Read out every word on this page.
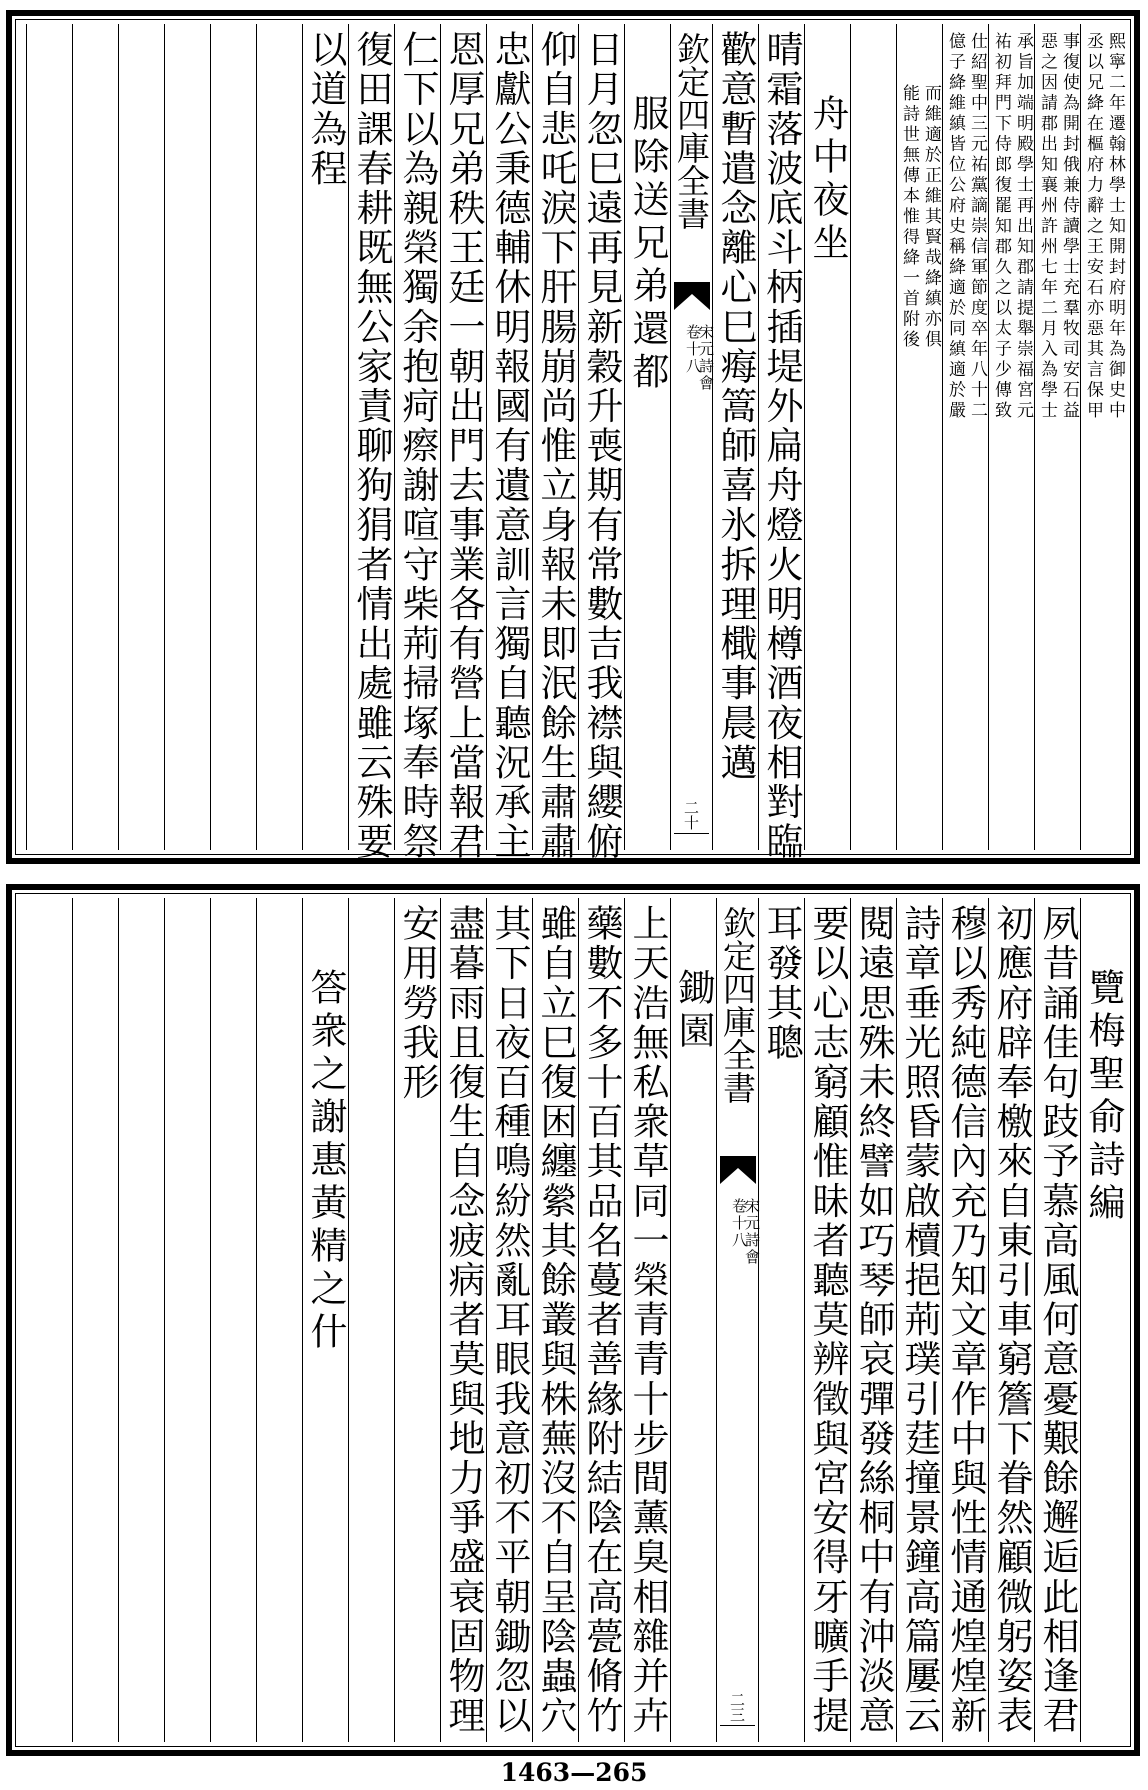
熙寧二年遷翰林學士知開封府明年為御史中
丞以兄絳在樞府力辭之王安石亦惡其言保甲
事復使為開封俄兼侍讀學士充羣牧司安石益
惡之因請郡出知襄州許州七年二月入為學士
承旨加端明殿學士再出知郡請提舉崇福宮元
祐初拜門下侍郎復罷知郡久之以太子少傳致
仕紹聖中三元祐黨謫崇信軍節度卒年八十二
億子絳維縝皆位公府史稱絳適於同縝適於嚴
而維適於正維其賢哉絳縝亦俱
能詩世無傳本惟得絳一首附後
舟中夜坐
晴霜落波底斗柄插堤外扁舟燈火明樽酒夜相對臨
歡意暫遣念離心巳痗篙師喜氷拆理檝事晨邁
欽定四庫全書
卷十八
宋元詩會
二十
服除送兄弟還都
日月忽巳遠再見新穀升喪期有常數吉我襟與纓俯
仰自悲吒淚下肝腸崩尚惟立身報未即泯餘生肅肅
忠獻公秉德輔休明報國有遺意訓言獨自聽況承主
恩厚兄弟秩王廷一朝出門去事業各有營上當報君
仁下以為親榮獨余抱疴瘵謝喧守柴荊掃塚奉時祭
復田課春耕既無公家責聊狗狷者情出處雖云殊要
以道為程
覽梅聖俞詩編
夙昔誦佳句跂予慕高風何意憂艱餘邂逅此相逢君
初應府辟奉檄來自東引車窮簷下眷然顧微躬姿表
穆以秀純德信內充乃知文章作中與性情通煌煌新
詩章垂光照昏蒙啟櫝挹荊璞引莛撞景鐘高篇屢云
閱遠思殊未終譬如巧琴師哀彈發絲桐中有沖淡意
要以心志窮顧惟昧者聽莫辨徵與宮安得牙曠手提
耳發其聰
欽定四庫全書
卷十八
宋元詩會
二三
鋤園
上天浩無私衆草同一榮青青十步間薰臭相雜并卉
藥數不多十百其品名蔓者善緣附結陰在高甍脩竹
雖自立巳復困纏縈其餘叢與株蕪沒不自呈陰蟲穴
其下日夜百種鳴紛然亂耳眼我意初不平朝鋤忽以
盡暮雨且復生自念疲病者莫與地力爭盛衰固物理
安用勞我形
答衆之謝惠黃精之什
1463—265
